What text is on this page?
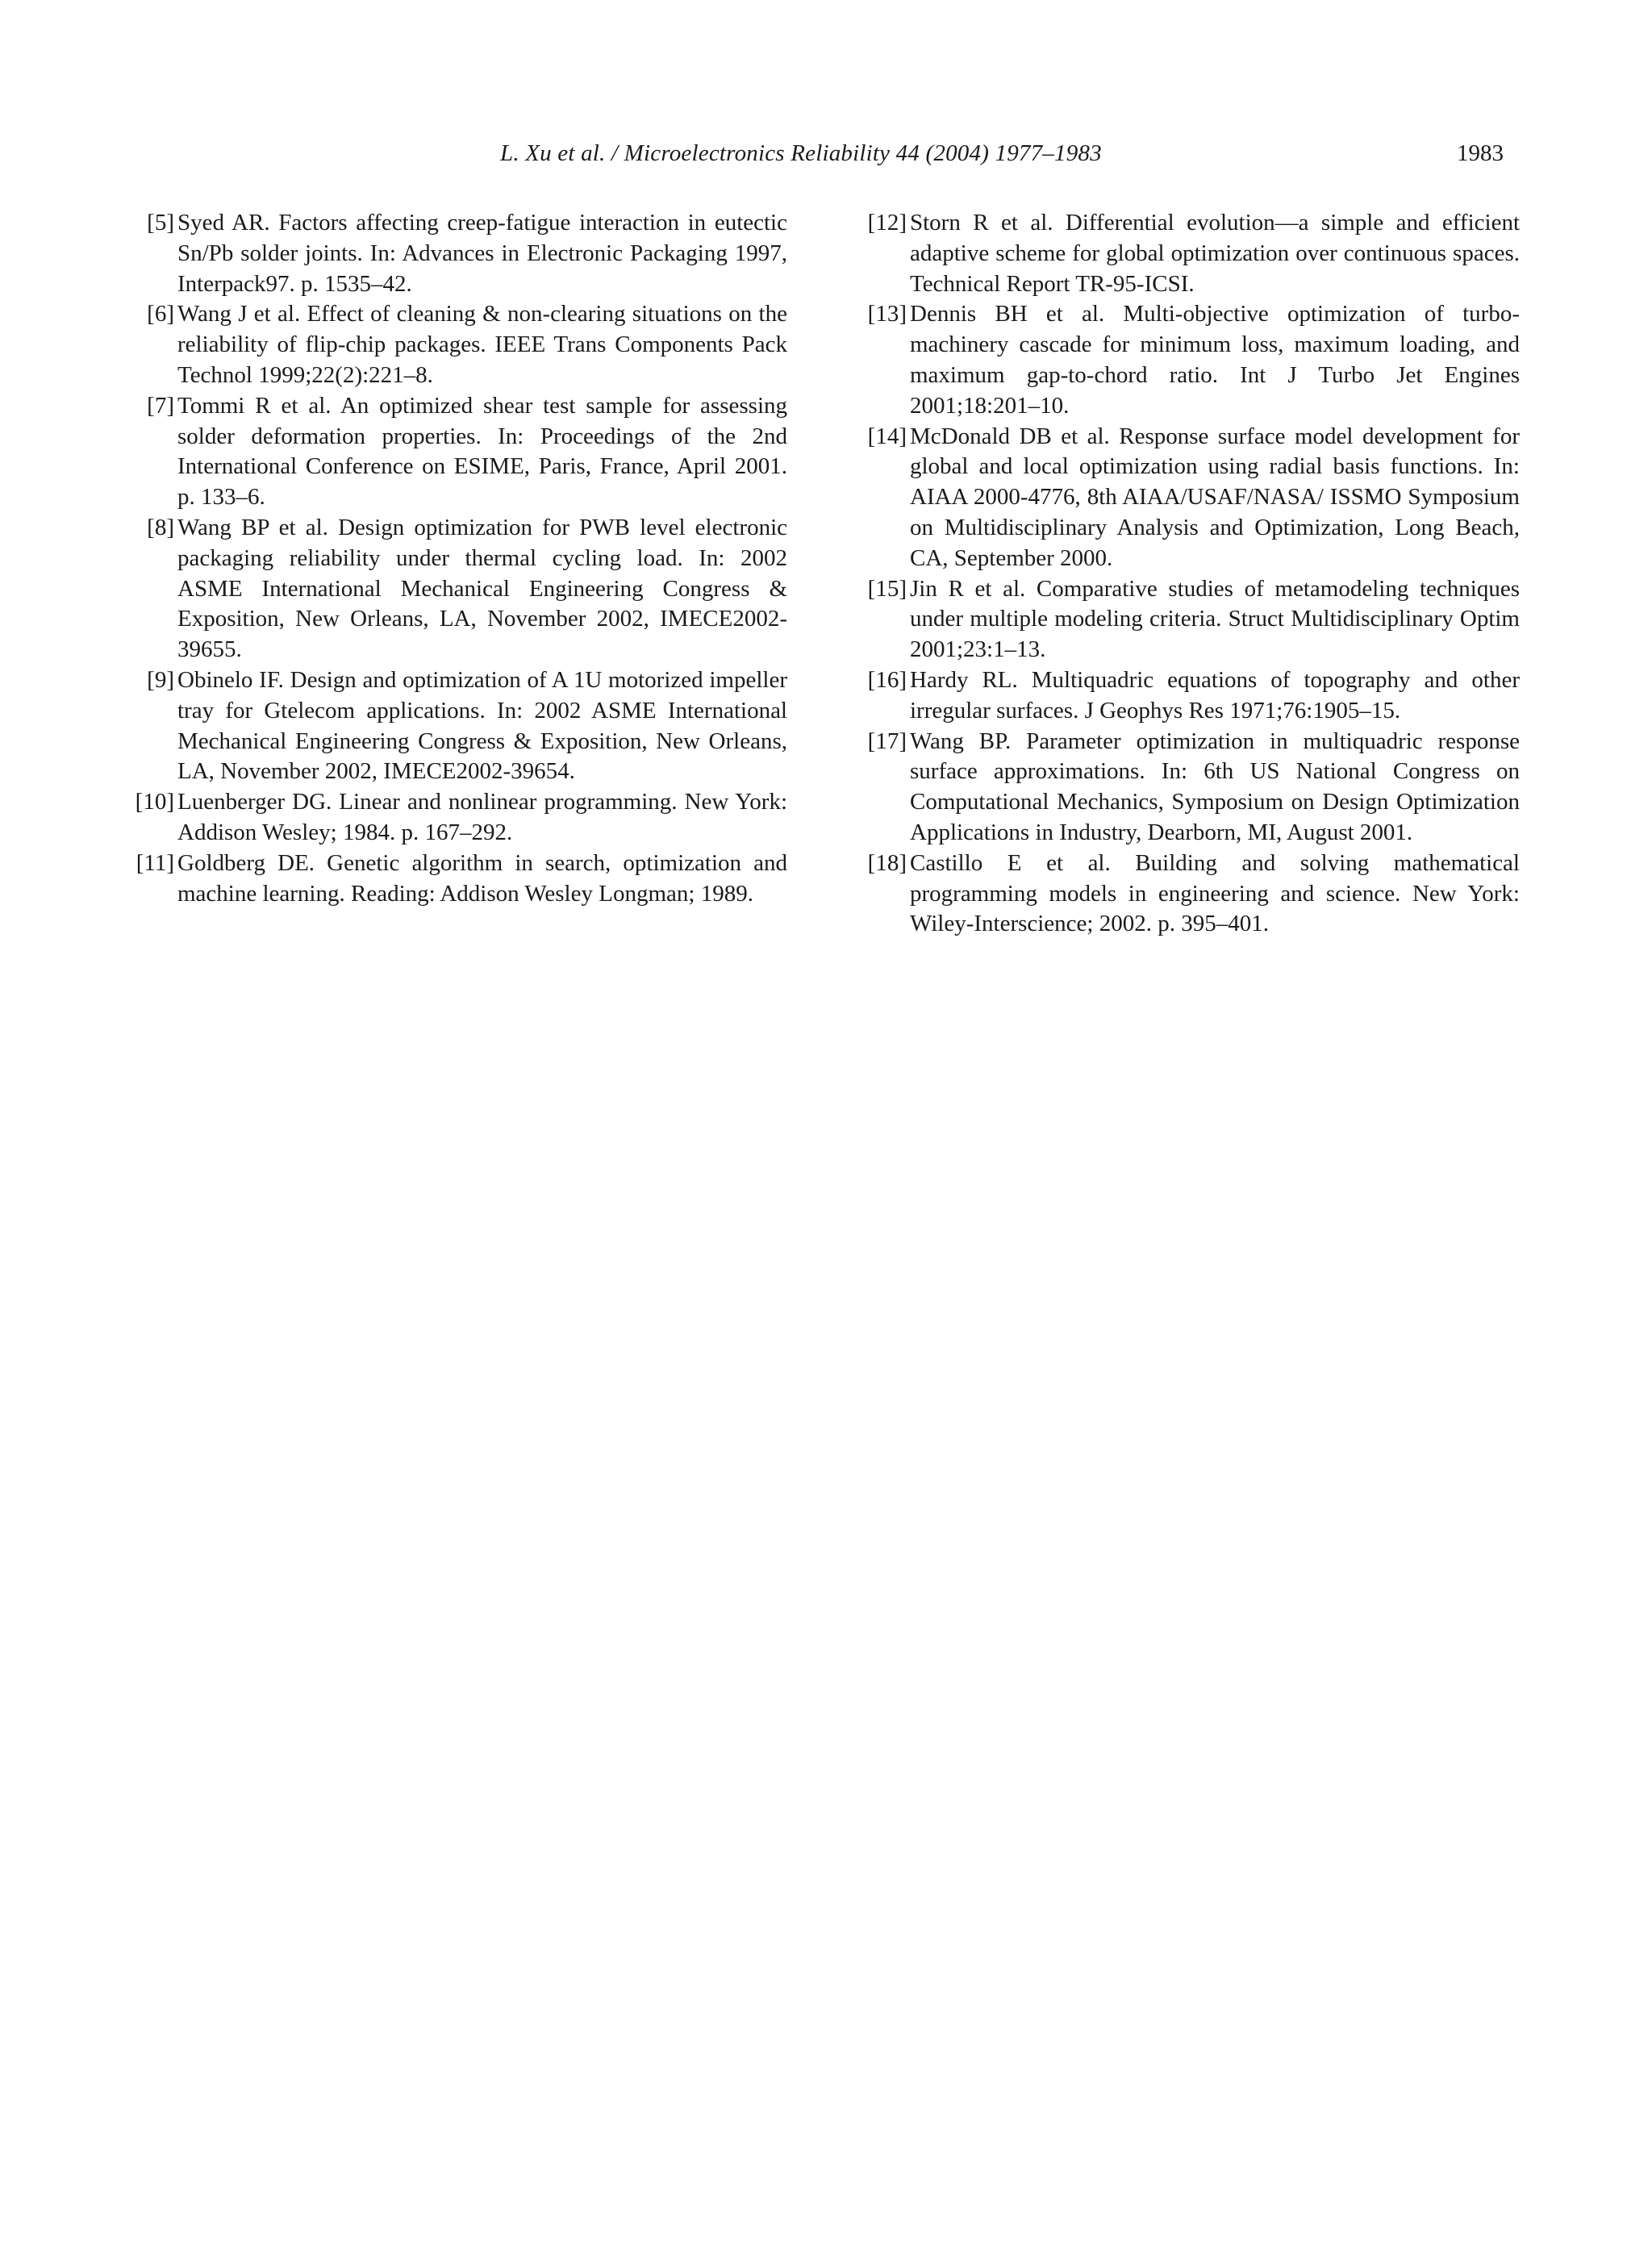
L. Xu et al. / Microelectronics Reliability 44 (2004) 1977–1983	1983
[5] Syed AR. Factors affecting creep-fatigue interaction in eutectic Sn/Pb solder joints. In: Advances in Electronic Packaging 1997, Interpack97. p. 1535–42.
[6] Wang J et al. Effect of cleaning & non-clearing situations on the reliability of flip-chip packages. IEEE Trans Components Pack Technol 1999;22(2):221–8.
[7] Tommi R et al. An optimized shear test sample for assessing solder deformation properties. In: Proceedings of the 2nd International Conference on ESIME, Paris, France, April 2001. p. 133–6.
[8] Wang BP et al. Design optimization for PWB level electronic packaging reliability under thermal cycling load. In: 2002 ASME International Mechanical Engineering Congress & Exposition, New Orleans, LA, November 2002, IMECE2002-39655.
[9] Obinelo IF. Design and optimization of A 1U motorized impeller tray for Gtelecom applications. In: 2002 ASME International Mechanical Engineering Congress & Exposition, New Orleans, LA, November 2002, IMECE2002-39654.
[10] Luenberger DG. Linear and nonlinear programming. New York: Addison Wesley; 1984. p. 167–292.
[11] Goldberg DE. Genetic algorithm in search, optimization and machine learning. Reading: Addison Wesley Longman; 1989.
[12] Storn R et al. Differential evolution—a simple and efficient adaptive scheme for global optimization over continuous spaces. Technical Report TR-95-ICSI.
[13] Dennis BH et al. Multi-objective optimization of turbomachinery cascade for minimum loss, maximum loading, and maximum gap-to-chord ratio. Int J Turbo Jet Engines 2001;18:201–10.
[14] McDonald DB et al. Response surface model development for global and local optimization using radial basis functions. In: AIAA 2000-4776, 8th AIAA/USAF/NASA/ ISSMO Symposium on Multidisciplinary Analysis and Optimization, Long Beach, CA, September 2000.
[15] Jin R et al. Comparative studies of metamodeling techniques under multiple modeling criteria. Struct Multidisciplinary Optim 2001;23:1–13.
[16] Hardy RL. Multiquadric equations of topography and other irregular surfaces. J Geophys Res 1971;76:1905–15.
[17] Wang BP. Parameter optimization in multiquadric response surface approximations. In: 6th US National Congress on Computational Mechanics, Symposium on Design Optimization Applications in Industry, Dearborn, MI, August 2001.
[18] Castillo E et al. Building and solving mathematical programming models in engineering and science. New York: Wiley-Interscience; 2002. p. 395–401.
